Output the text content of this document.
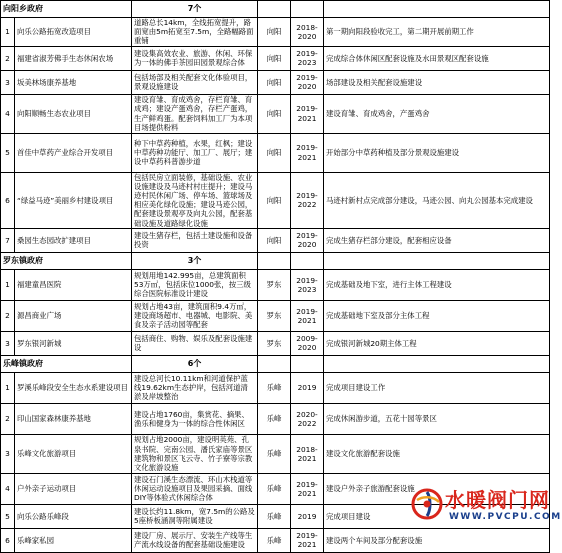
向阳乡政府		7个			
1	向乐公路拓宽改造项目	道路总长14km，全线拓宽提升，路面宽由5m拓宽至7.5m，全路幅路面重铺	向阳	2018-2020	第一期向阳段验收完工，第二期开展前期工作
2	福建省淑芳佛手生态休闲农场	建设集高效农业、旅游、休闲、环保为一体的佛手茶园田园景观综合体	向阳	2019-2023	完成综合体休闲区配套设施及水田景观区配套设施
3	坂美林场康养基地	包括场部及相关配套文化体验项目，景观设施建设	向阳	2019-2020	场部建设及相关配套设施建设
4	向阳顺畅生态农业项目	建设育雏、育成鸡舍，存栏育雏、育成鸡；建设产蛋鸡舍，存栏产蛋鸡，生产鲜鸡蛋。配套饲料加工厂为本项目场提供粉料	向阳	2019-2021	建设育雏、育成鸡舍，产蛋鸡舍
5	首佳中草药产业综合开发项目	种下中草药种植，水果，红枫；建设中草药种功能厅、加工厂、展厅；建设中草药科普游步道	向阳	2019-2021	开始部分中草药种植及部分景观设施建设
6	“绿益马迹”美丽乡村建设项目	包括民房立面装修，基础设施、农业设施建设及马迹村村庄提升；建设马迹村民休闲广场、停车场、篮球场及相应美化绿化设施；建设马迹公园，配套建设景观亭及向丸公园，配套基础设施及道路绿化设施	向阳	2019-2022	马迹村新村点完成部分建设，马迹公园、向丸公园基本完成建设
7	桑园生态园改扩建项目	建设生猪存栏，包括土建设施和设备投资	向阳	2019-2020	完成生猪存栏部分建设，配套相应设备
罗东镇政府		3个			
1	福建童昌医院	规划用地142.995亩，总建筑面积53万㎡，包括床位1000张，按三级综合医院标准设计建设	罗东	2019-2023	完成基础及地下室，进行主体工程建设
2	源昌商业广场	规划占地43亩，建筑面积9.4万㎡，建设商场超市、电器城、电影院、美食及亲子活动园等配套	罗东	2019-2021	完成基础地下室及部分主体工程
3	罗东银河新城	包括商住、购物、娱乐及配套设施建设	罗东	2009-2020	完成银河新城20期主体工程
乐峰镇政府		6个			
1	罗溪乐峰段安全生态水系建设项目	建设总河长10.11km和河道保护蓝线19.62km生态护岸，包括河道清淤及岸坡整治	乐峰	2019	完成项目建设工作
2	印山国家森林康养基地	建设占地1760亩，集赏花、摘果、渔乐和健身为一体的综合性休闲区	乐峰	2020-2022	完成休闲游步道，五花十园等景区
3	乐峰文化旅游项目	规划占地2000亩，建设明英苑、孔泉书院、完南公园、潘氏家庙等景区建筑物和景区飞云寺、竹子寮等宗教文化旅游设施	乐峰	2018-2021	建设文化旅游配套设施
4	户外亲子运动项目	建设石门溪生态漂流、环山木栈道等休闲运动设施项目及果园采摘、面线DIY等体验式休闲综合体	乐峰	2019-2021	建设户外亲子旅游配套设施
5	向乐公路乐峰段	建设长约11.8km，宽7.5m的公路及5座桥板涵洞等附属建设	乐峰	2019	完成项目建设
6	乐峰家私园	建设厂房、展示厅、安装生产线等生产流水线设备的配套基础设施建设	乐峰	2019-2021	建设两个车间及部分配套设施
水暖阀门网
WWW.PVCPU.COM
